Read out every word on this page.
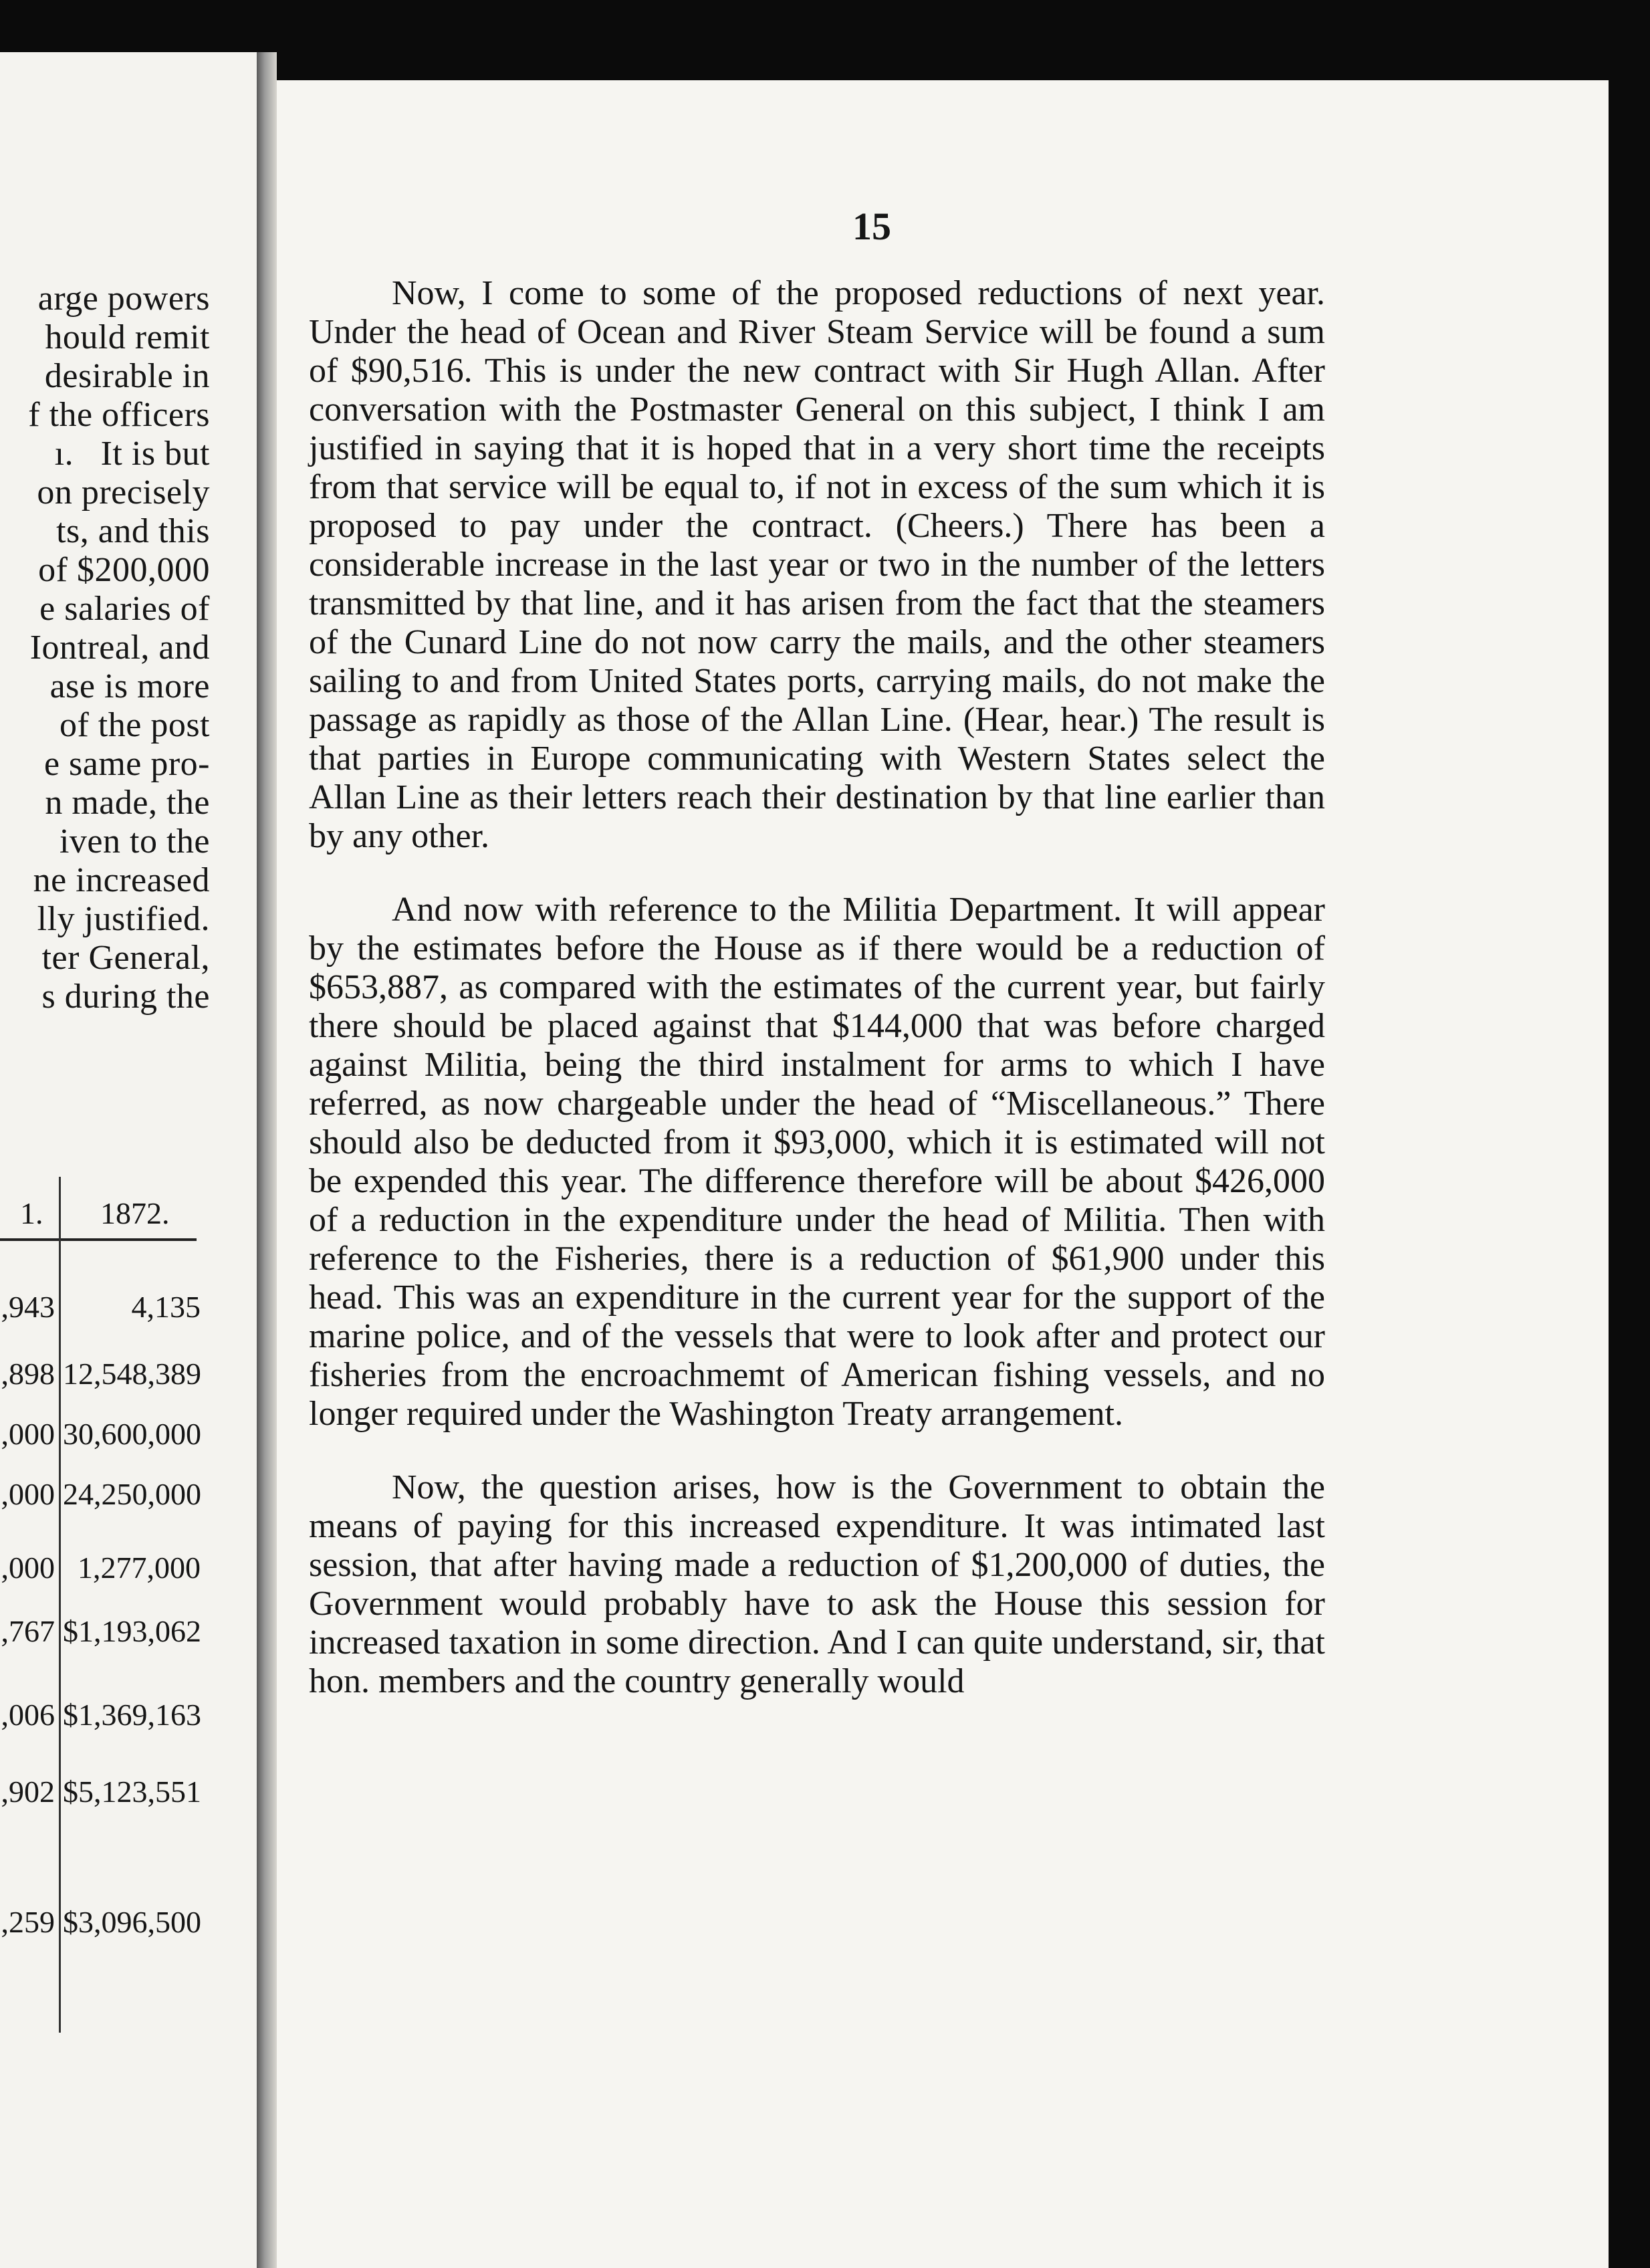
arge powers
hould remit
desirable in
f the officers
ı.   It is but
on precisely
ts, and this
of $200,000
e salaries of
Iontreal, and
ase is more
of the post
e same pro-
n made, the
iven to the
ne increased
lly justified.
ter General,
s during the
1. 1872.
,943	4,135
,898 12,548,389
,000 30,600,000
,000 24,250,000
,000 1,277,000
,767 $1,193,062
,006 $1,369,163
,902 $5,123,551
,259 $3,096,500
15

Now, I come to some of the proposed reductions of next year. Under the head of Ocean and River Steam Service will be found a sum of $90,516. This is under the new contract with Sir Hugh Allan. After conversation with the Postmaster General on this subject, I think I am justified in saying that it is hoped that in a very short time the receipts from that service will be equal to, if not in excess of the sum which it is proposed to pay under the contract. (Cheers.) There has been a considerable increase in the last year or two in the number of the letters transmitted by that line, and it has arisen from the fact that the steamers of the Cunard Line do not now carry the mails, and the other steamers sailing to and from United States ports, carrying mails, do not make the passage as rapidly as those of the Allan Line. (Hear, hear.) The result is that parties in Europe communicating with Western States select the Allan Line as their letters reach their destination by that line earlier than by any other.

And now with reference to the Militia Department. It will appear by the estimates before the House as if there would be a reduction of $653,887, as compared with the estimates of the current year, but fairly there should be placed against that $144,000 that was before charged against Militia, being the third instalment for arms to which I have referred, as now chargeable under the head of “Miscellaneous.” There should also be deducted from it $93,000, which it is estimated will not be expended this year. The difference therefore will be about $426,000 of a reduction in the expenditure under the head of Militia. Then with reference to the Fisheries, there is a reduction of $61,900 under this head. This was an expenditure in the current year for the support of the marine police, and of the vessels that were to look after and protect our fisheries from the encroachmemt of American fishing vessels, and no longer required under the Washington Treaty arrangement.

Now, the question arises, how is the Government to obtain the means of paying for this increased expenditure. It was intimated last session, that after having made a reduction of $1,200,000 of duties, the Government would probably have to ask the House this session for increased taxation in some direction. And I can quite understand, sir, that hon. members and the country generally would
